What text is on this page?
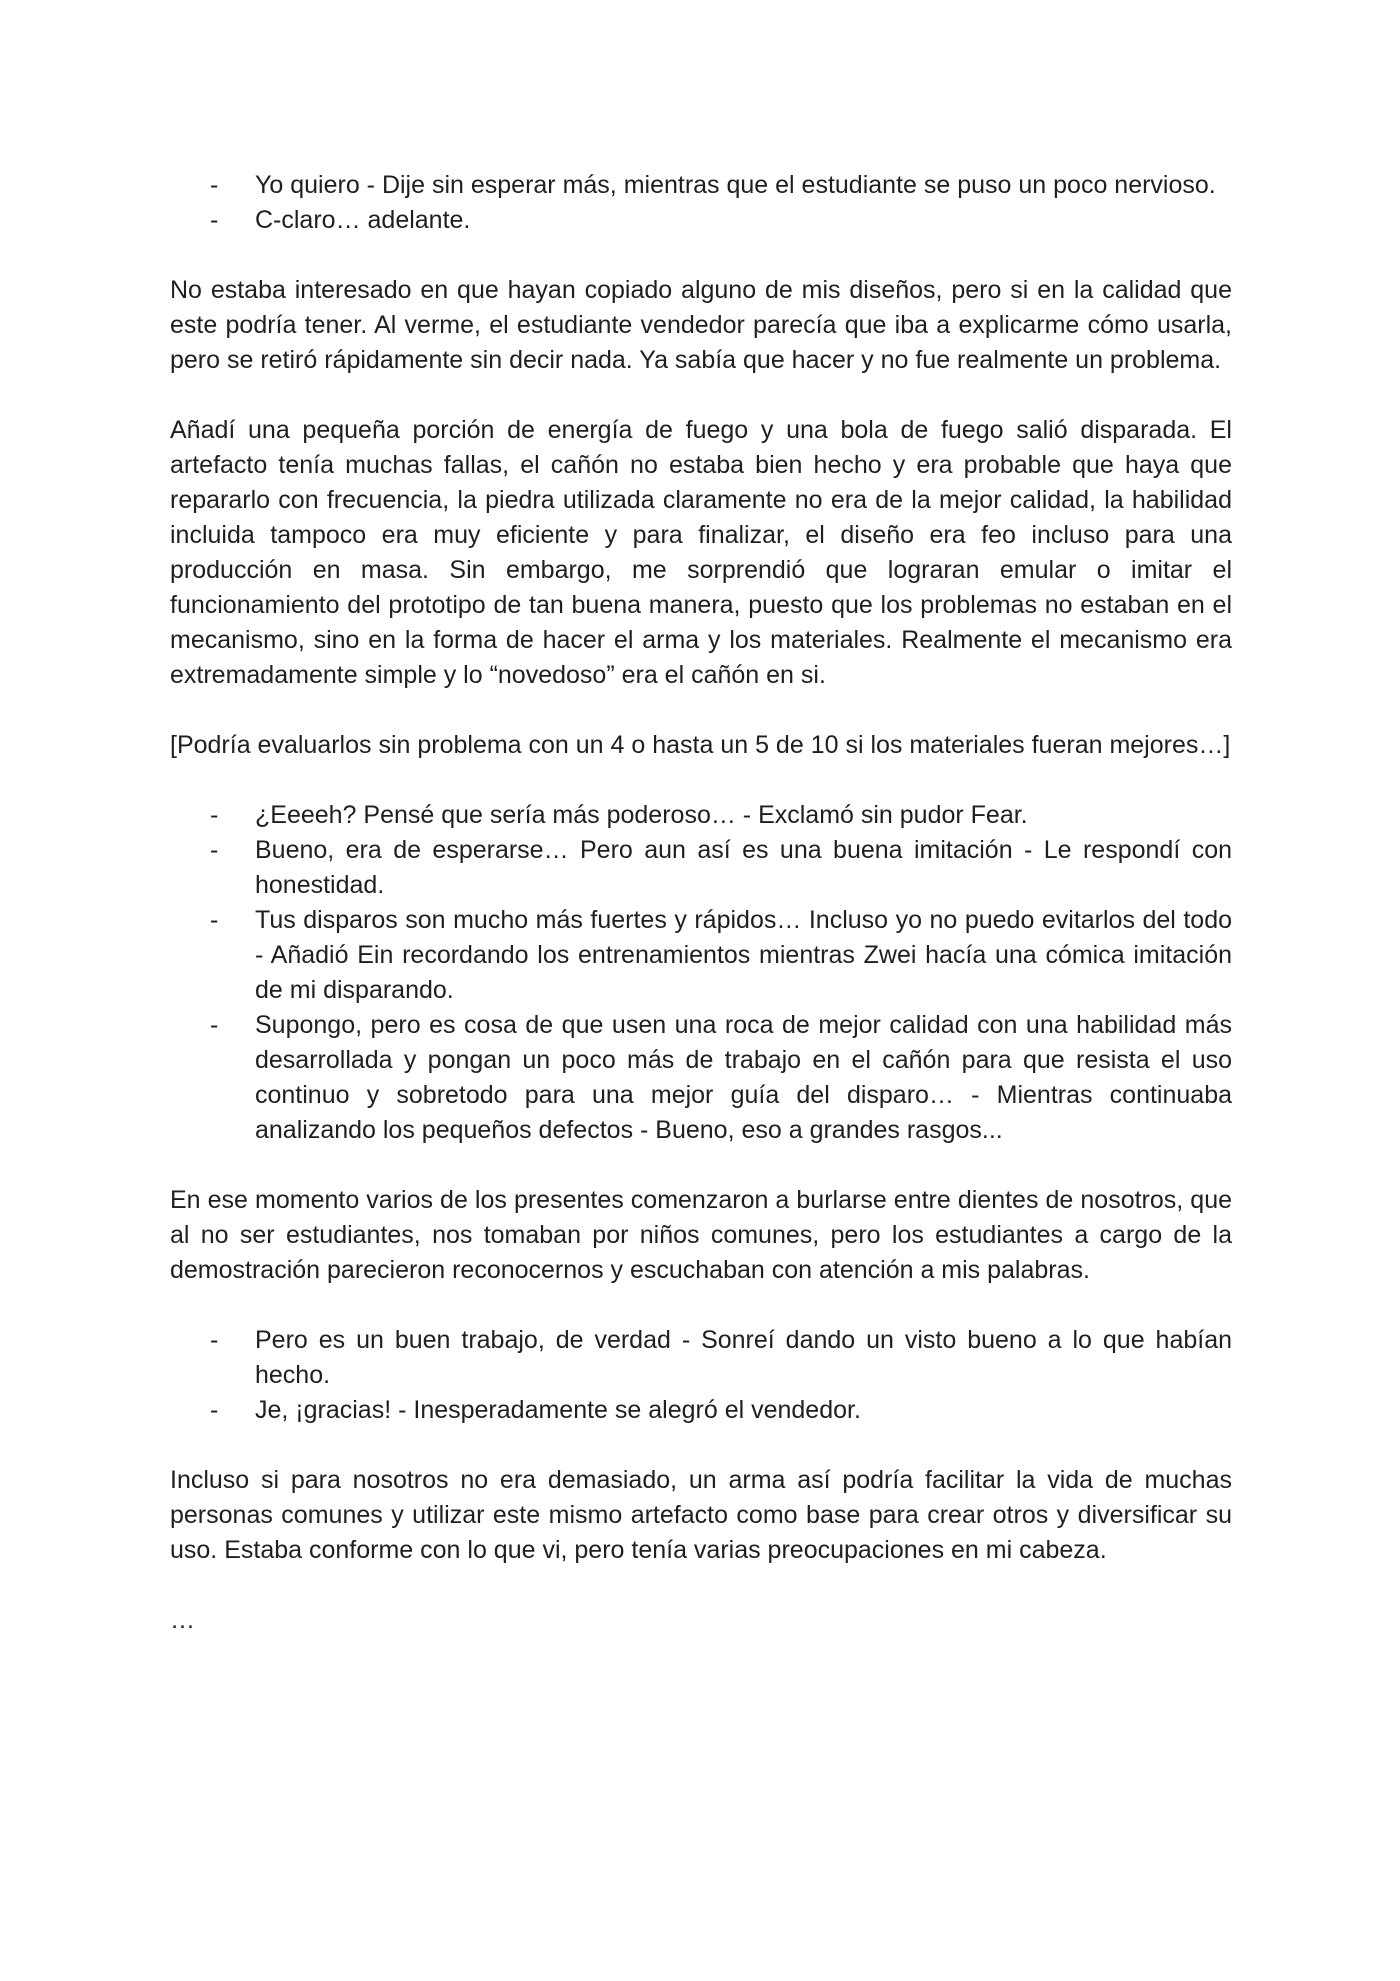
- Yo quiero - Dije sin esperar más, mientras que el estudiante se puso un poco nervioso.
- C-claro… adelante.

No estaba interesado en que hayan copiado alguno de mis diseños, pero si en la calidad que este podría tener. Al verme, el estudiante vendedor parecía que iba a explicarme cómo usarla, pero se retiró rápidamente sin decir nada. Ya sabía que hacer y no fue realmente un problema.

Añadí una pequeña porción de energía de fuego y una bola de fuego salió disparada. El artefacto tenía muchas fallas, el cañón no estaba bien hecho y era probable que haya que repararlo con frecuencia, la piedra utilizada claramente no era de la mejor calidad, la habilidad incluida tampoco era muy eficiente y para finalizar, el diseño era feo incluso para una producción en masa. Sin embargo, me sorprendió que lograran emular o imitar el funcionamiento del prototipo de tan buena manera, puesto que los problemas no estaban en el mecanismo, sino en la forma de hacer el arma y los materiales. Realmente el mecanismo era extremadamente simple y lo “novedoso” era el cañón en si.

[Podría evaluarlos sin problema con un 4 o hasta un 5 de 10 si los materiales fueran mejores…]

- ¿Eeeeh? Pensé que sería más poderoso… - Exclamó sin pudor Fear.
- Bueno, era de esperarse… Pero aun así es una buena imitación - Le respondí con honestidad.
- Tus disparos son mucho más fuertes y rápidos… Incluso yo no puedo evitarlos del todo - Añadió Ein recordando los entrenamientos mientras Zwei hacía una cómica imitación de mi disparando.
- Supongo, pero es cosa de que usen una roca de mejor calidad con una habilidad más desarrollada y pongan un poco más de trabajo en el cañón para que resista el uso continuo y sobretodo para una mejor guía del disparo… - Mientras continuaba analizando los pequeños defectos - Bueno, eso a grandes rasgos...

En ese momento varios de los presentes comenzaron a burlarse entre dientes de nosotros, que al no ser estudiantes, nos tomaban por niños comunes, pero los estudiantes a cargo de la demostración parecieron reconocernos y escuchaban con atención a mis palabras.

- Pero es un buen trabajo, de verdad - Sonreí dando un visto bueno a lo que habían hecho.
- Je, ¡gracias! - Inesperadamente se alegró el vendedor.

Incluso si para nosotros no era demasiado, un arma así podría facilitar la vida de muchas personas comunes y utilizar este mismo artefacto como base para crear otros y diversificar su uso. Estaba conforme con lo que vi, pero tenía varias preocupaciones en mi cabeza.

…
